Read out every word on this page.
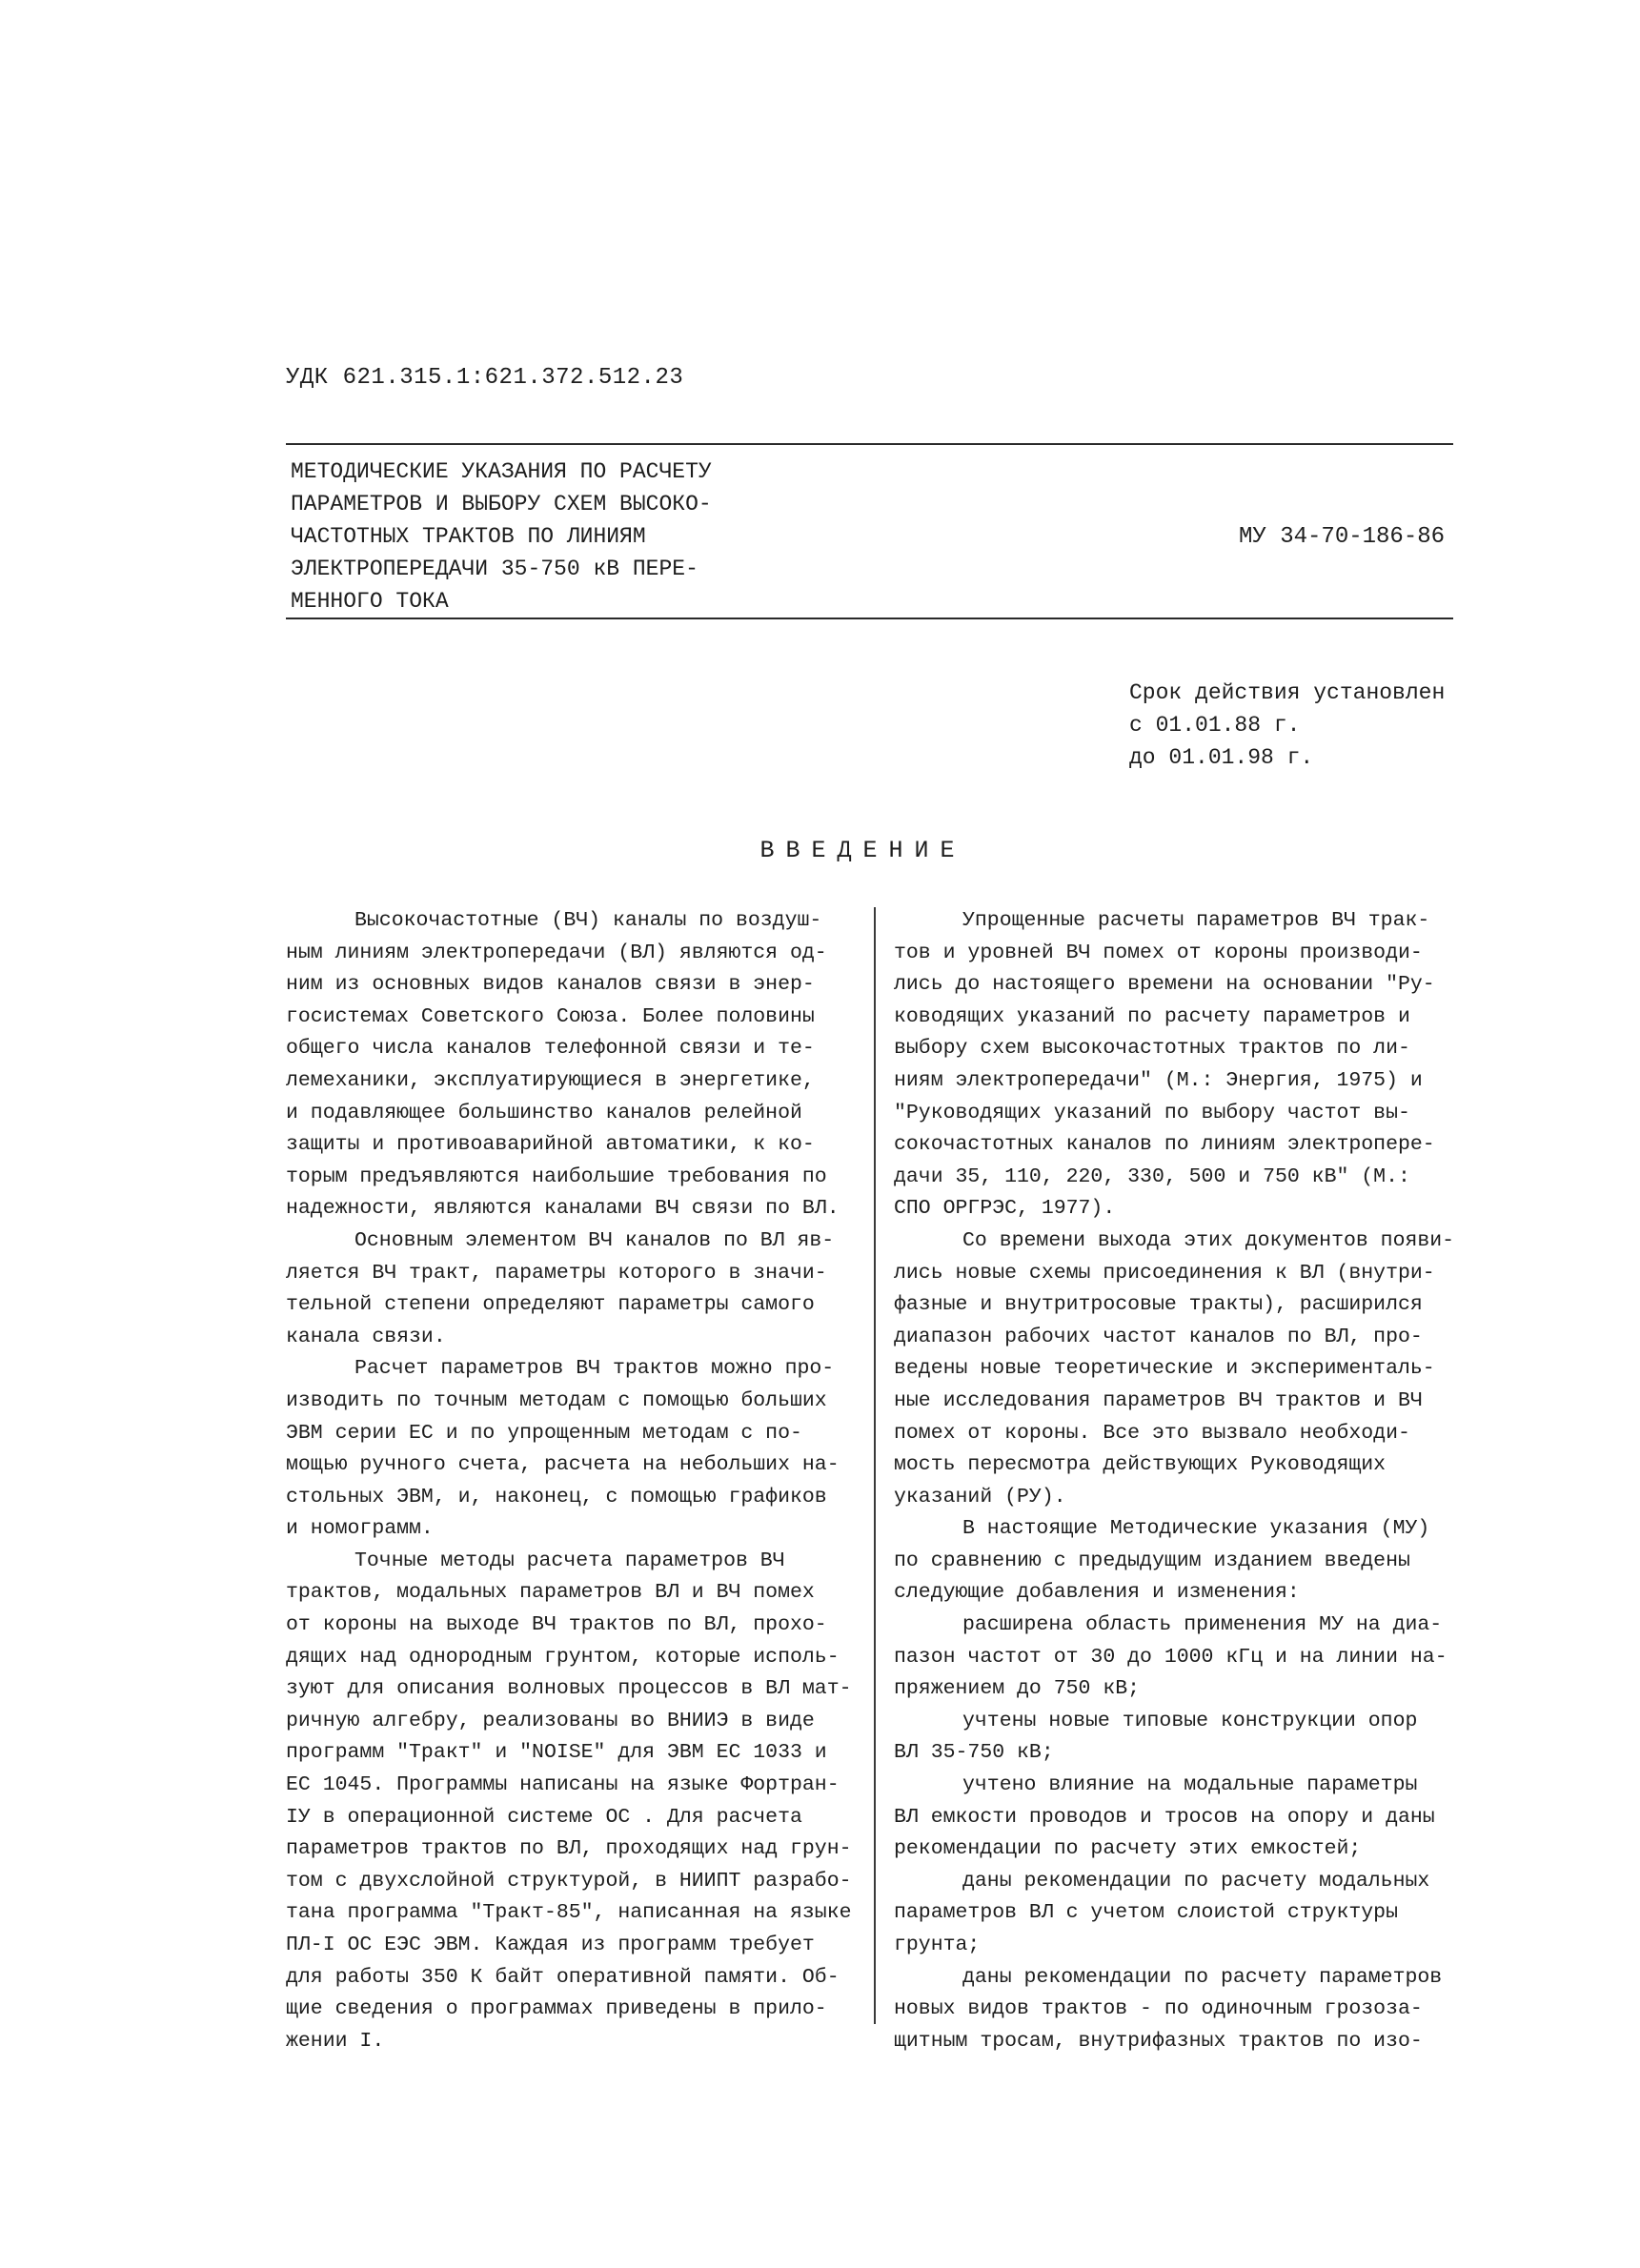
УДК 621.315.1:621.372.512.23
МЕТОДИЧЕСКИЕ УКАЗАНИЯ ПО РАСЧЕТУ
ПАРАМЕТРОВ И ВЫБОРУ СХЕМ ВЫСОКО-
ЧАСТОТНЫХ ТРАКТОВ ПО ЛИНИЯМ
ЭЛЕКТРОПЕРЕДАЧИ 35-750 кВ ПЕРЕ-
МЕННОГО ТОКА
МУ 34-70-186-86
Срок действия установлен
с 01.01.88 г.
до 01.01.98 г.
ВВЕДЕНИЕ
Высокочастотные (ВЧ) каналы по воздуш-
ным линиям электропередачи (ВЛ) являются од-
ним из основных видов каналов связи в энер-
госистемах Советского Союза. Более половины
общего числа каналов телефонной связи и те-
лемеханики, эксплуатирующиеся в энергетике,
и подавляющее большинство каналов релейной
защиты и противоаварийной автоматики, к ко-
торым предъявляются наибольшие требования по
надежности, являются каналами ВЧ связи по ВЛ.
Основным элементом ВЧ каналов по ВЛ яв-
ляется ВЧ тракт, параметры которого в значи-
тельной степени определяют параметры самого
канала связи.
Расчет параметров ВЧ трактов можно про-
изводить по точным методам с помощью больших
ЭВМ серии ЕС и по упрощенным методам с по-
мощью ручного счета, расчета на небольших на-
стольных ЭВМ, и, наконец, с помощью графиков
и номограмм.
Точные методы расчета параметров ВЧ
трактов, модальных параметров ВЛ и ВЧ помех
от короны на выходе ВЧ трактов по ВЛ, прохо-
дящих над однородным грунтом, которые исполь-
зуют для описания волновых процессов в ВЛ мат-
ричную алгебру, реализованы во ВНИИЭ в виде
программ "Тракт" и "NOISE" для ЭВМ ЕС 1033 и
ЕС 1045. Программы написаны на языке Фортран-
IУ в операционной системе ОС . Для расчета
параметров трактов по ВЛ, проходящих над грун-
том с двухслойной структурой, в НИИПТ разрабо-
тана программа "Тракт-85", написанная на языке
ПЛ-I ОС ЕЭС ЭВМ. Каждая из программ требует
для работы 350 К байт оперативной памяти. Об-
щие сведения о программах приведены в прило-
жении I.
Упрощенные расчеты параметров ВЧ трак-
тов и уровней ВЧ помех от короны производи-
лись до настоящего времени на основании "Ру-
ководящих указаний по расчету параметров и
выбору схем высокочастотных трактов по ли-
ниям электропередачи" (М.: Энергия, 1975) и
"Руководящих указаний по выбору частот вы-
сокочастотных каналов по линиям электропере-
дачи 35, 110, 220, 330, 500 и 750 кВ" (М.:
СПО ОРГРЭС, 1977).
Со времени выхода этих документов появи-
лись новые схемы присоединения к ВЛ (внутри-
фазные и внутритросовые тракты), расширился
диапазон рабочих частот каналов по ВЛ, про-
ведены новые теоретические и эксперименталь-
ные исследования параметров ВЧ трактов и ВЧ
помех от короны. Все это вызвало необходи-
мость пересмотра действующих Руководящих
указаний (РУ).
В настоящие Методические указания (МУ)
по сравнению с предыдущим изданием введены
следующие добавления и изменения:
расширена область применения МУ на диа-
пазон частот от 30 до 1000 кГц и на линии на-
пряжением до 750 кВ;
учтены новые типовые конструкции опор
ВЛ 35-750 кВ;
учтено влияние на модальные параметры
ВЛ емкости проводов и тросов на опору и даны
рекомендации по расчету этих емкостей;
даны рекомендации по расчету модальных
параметров ВЛ с учетом слоистой структуры
грунта;
даны рекомендации по расчету параметров
новых видов трактов - по одиночным грозоза-
щитным тросам, внутрифазных трактов по изо-
